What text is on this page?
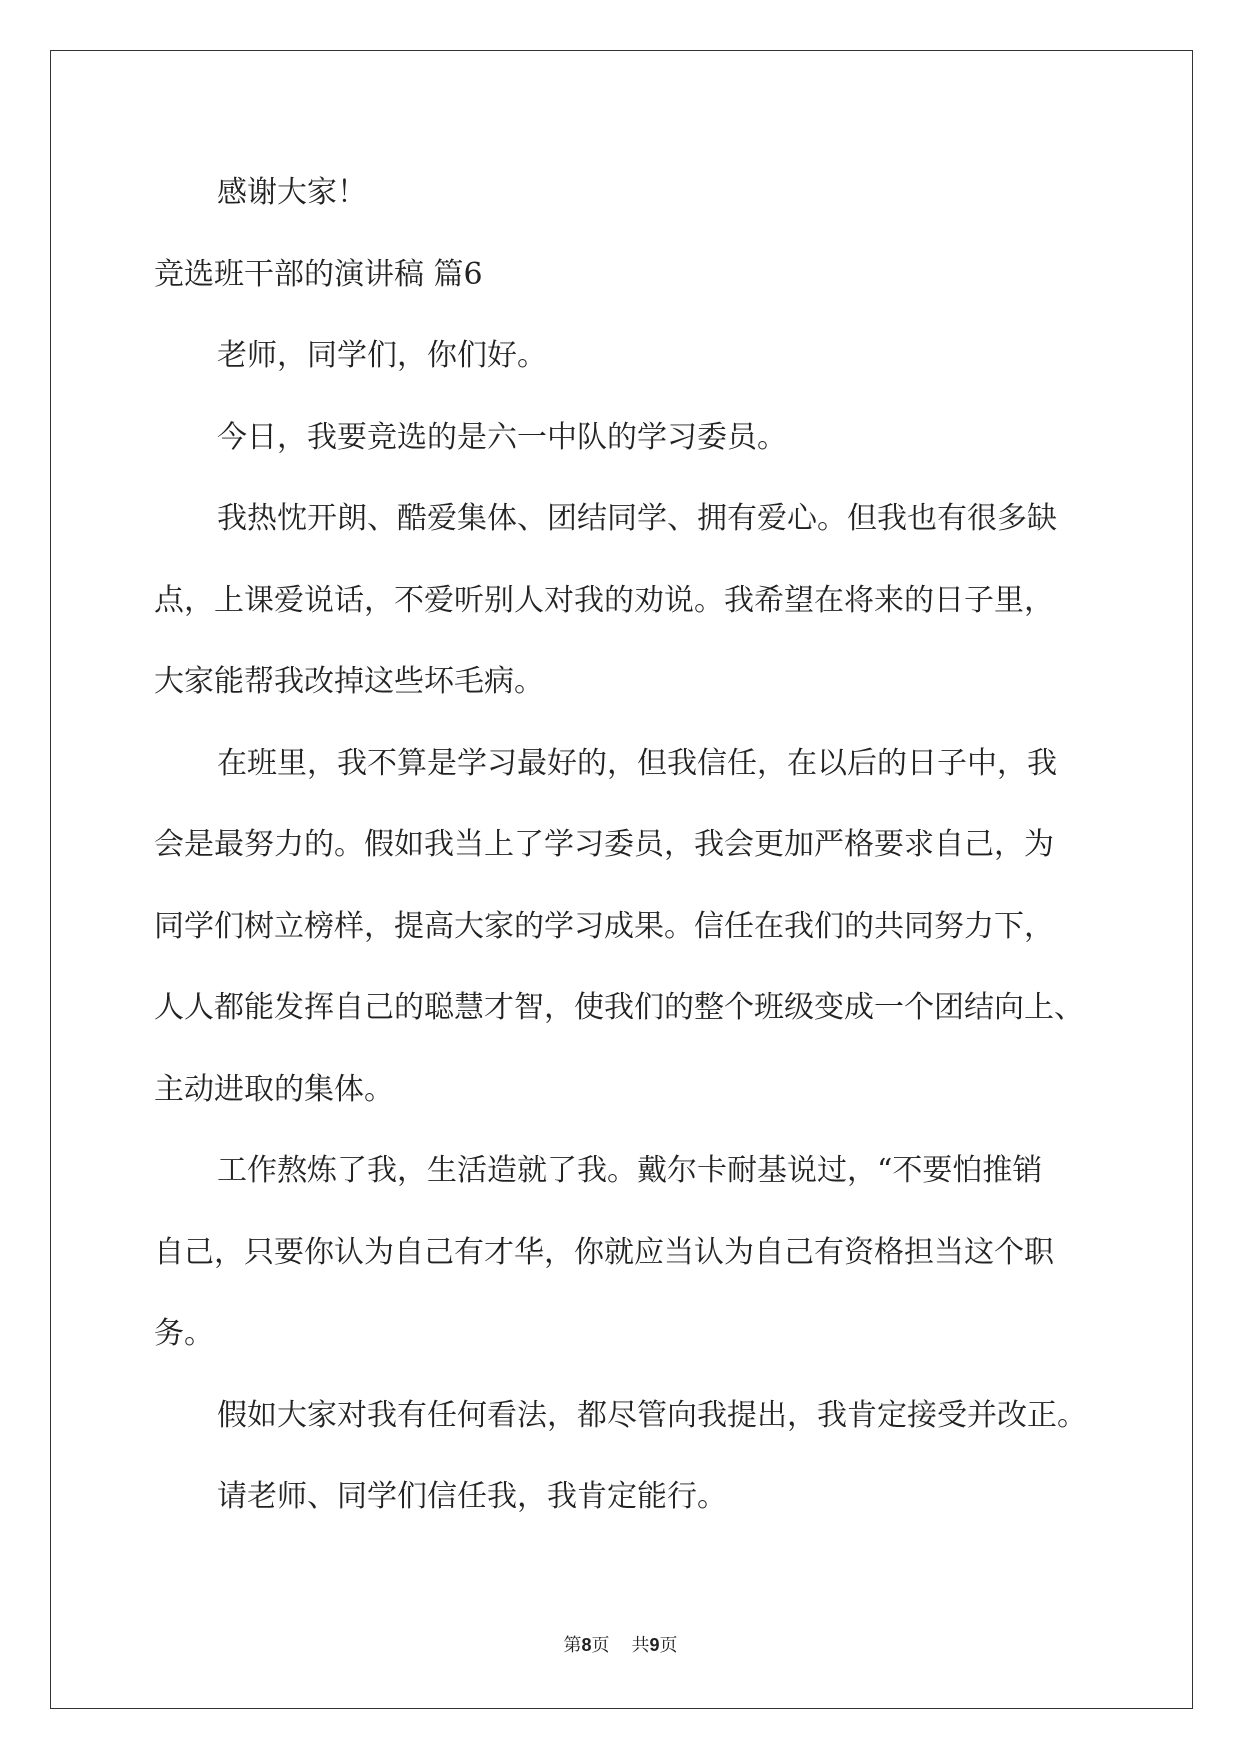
感谢大家！
竞选班干部的演讲稿 篇6
老师，同学们，你们好。
今日，我要竞选的是六一中队的学习委员。
我热忱开朗、酷爱集体、团结同学、拥有爱心。但我也有很多缺
点，上课爱说话，不爱听别人对我的劝说。我希望在将来的日子里，
大家能帮我改掉这些坏毛病。
在班里，我不算是学习最好的，但我信任，在以后的日子中，我
会是最努力的。假如我当上了学习委员，我会更加严格要求自己，为
同学们树立榜样，提高大家的学习成果。信任在我们的共同努力下，
人人都能发挥自己的聪慧才智，使我们的整个班级变成一个团结向上、
主动进取的集体。
工作熬炼了我，生活造就了我。戴尔卡耐基说过，“不要怕推销
自己，只要你认为自己有才华，你就应当认为自己有资格担当这个职
务。
假如大家对我有任何看法，都尽管向我提出，我肯定接受并改正。
请老师、同学们信任我，我肯定能行。
第8页 共9页
